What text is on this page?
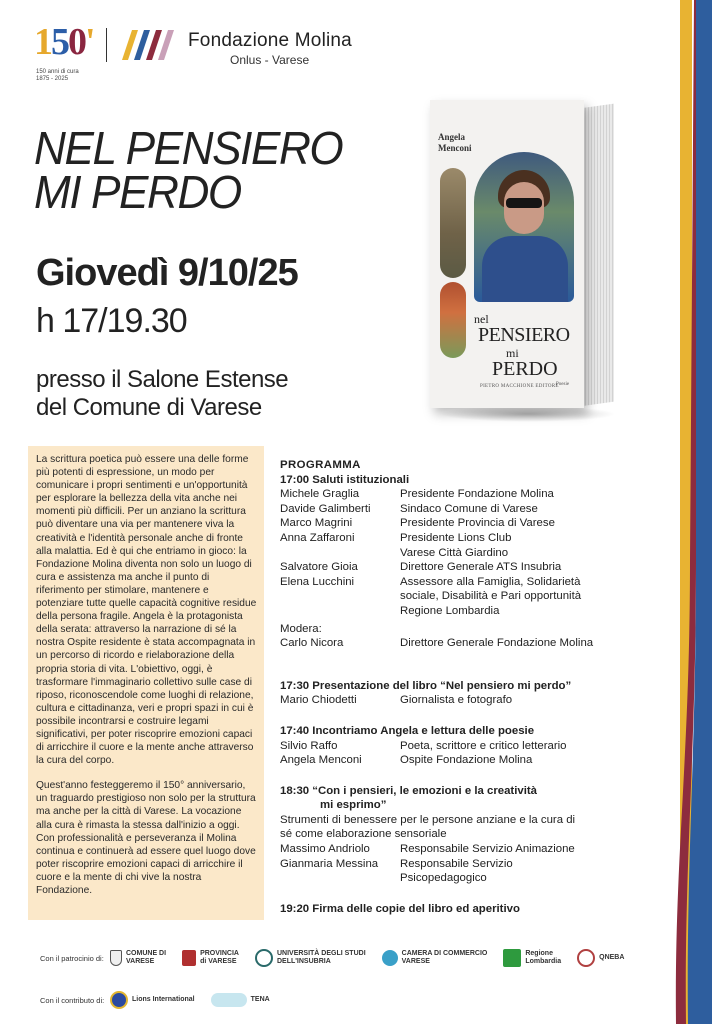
150'
150 anni di cura
1875 - 2025
Fondazione Molina
Onlus - Varese
NEL PENSIERO
MI PERDO
Giovedì 9/10/25
h 17/19.30
presso il Salone Estense
del Comune di Varese
Angela
Menconi
nel
PENSIERO
mi
PERDO
PIETRO MACCHIONE EDITORE
Poesie

La scrittura poetica può essere una delle forme più potenti di espressione, un modo per comunicare i propri sentimenti e un'opportunità per esplorare la bellezza della vita anche nei momenti più difficili. Per un anziano la scrittura può diventare una via per mantenere viva la creatività e l'identità personale anche di fronte alla malattia. Ed è qui che entriamo in gioco: la Fondazione Molina diventa non solo un luogo di cura e assistenza ma anche il punto di riferimento per stimolare, mantenere e potenziare tutte quelle capacità cognitive residue della persona fragile. Angela è la protagonista della serata: attraverso la narrazione di sé la nostra Ospite residente è stata accompagnata in un percorso di ricordo e rielaborazione della propria storia di vita. L'obiettivo, oggi, è trasformare l'immaginario collettivo sulle case di riposo, riconoscendole come luoghi di relazione, cultura e cittadinanza, veri e propri spazi in cui è possibile incontrarsi e costruire legami significativi, per poter riscoprire emozioni capaci di arricchire il cuore e la mente anche attraverso la cura del corpo.

Quest'anno festeggeremo il 150° anniversario, un traguardo prestigioso non solo per la struttura ma anche per la città di Varese. La vocazione alla cura è rimasta la stessa dall'inizio a oggi. Con professionalità e perseveranza il Molina continua e continuerà ad essere quel luogo dove poter riscoprire emozioni capaci di arricchire il cuore e la mente di chi vive la nostra Fondazione.

PROGRAMMA
17:00 Saluti istituzionali
Michele Graglia	Presidente Fondazione Molina
Davide Galimberti	Sindaco Comune di Varese
Marco Magrini	Presidente Provincia di Varese
Anna Zaffaroni	Presidente Lions Club
Varese Città Giardino
Salvatore Gioia	Direttore Generale ATS Insubria
Elena Lucchini	Assessore alla Famiglia, Solidarietà
sociale, Disabilità e Pari opportunità
Regione Lombardia
Modera:
Carlo Nicora	Direttore Generale Fondazione Molina
17:30 Presentazione del libro “Nel pensiero mi perdo”
Mario Chiodetti	Giornalista e fotografo
17:40 Incontriamo Angela e lettura delle poesie
Silvio Raffo	Poeta, scrittore e critico letterario
Angela Menconi	Ospite Fondazione Molina
18:30 “Con i pensieri, le emozioni e la creatività
mi esprimo”
Strumenti di benessere per le persone anziane e la cura di
sé come elaborazione sensoriale
Massimo Andriolo	Responsabile Servizio Animazione
Gianmaria Messina	Responsabile Servizio
Psicopedagogico
19:20 Firma delle copie del libro ed aperitivo
Con il patrocinio di:	COMUNE DI
VARESE
PROVINCIA
di VARESE
UNIVERSITÀ DEGLI STUDI
DELL'INSUBRIA
CAMERA DI COMMERCIO
VARESE
Regione
Lombardia
QNEBA
Con il contributo di:	Lions International	TENA
